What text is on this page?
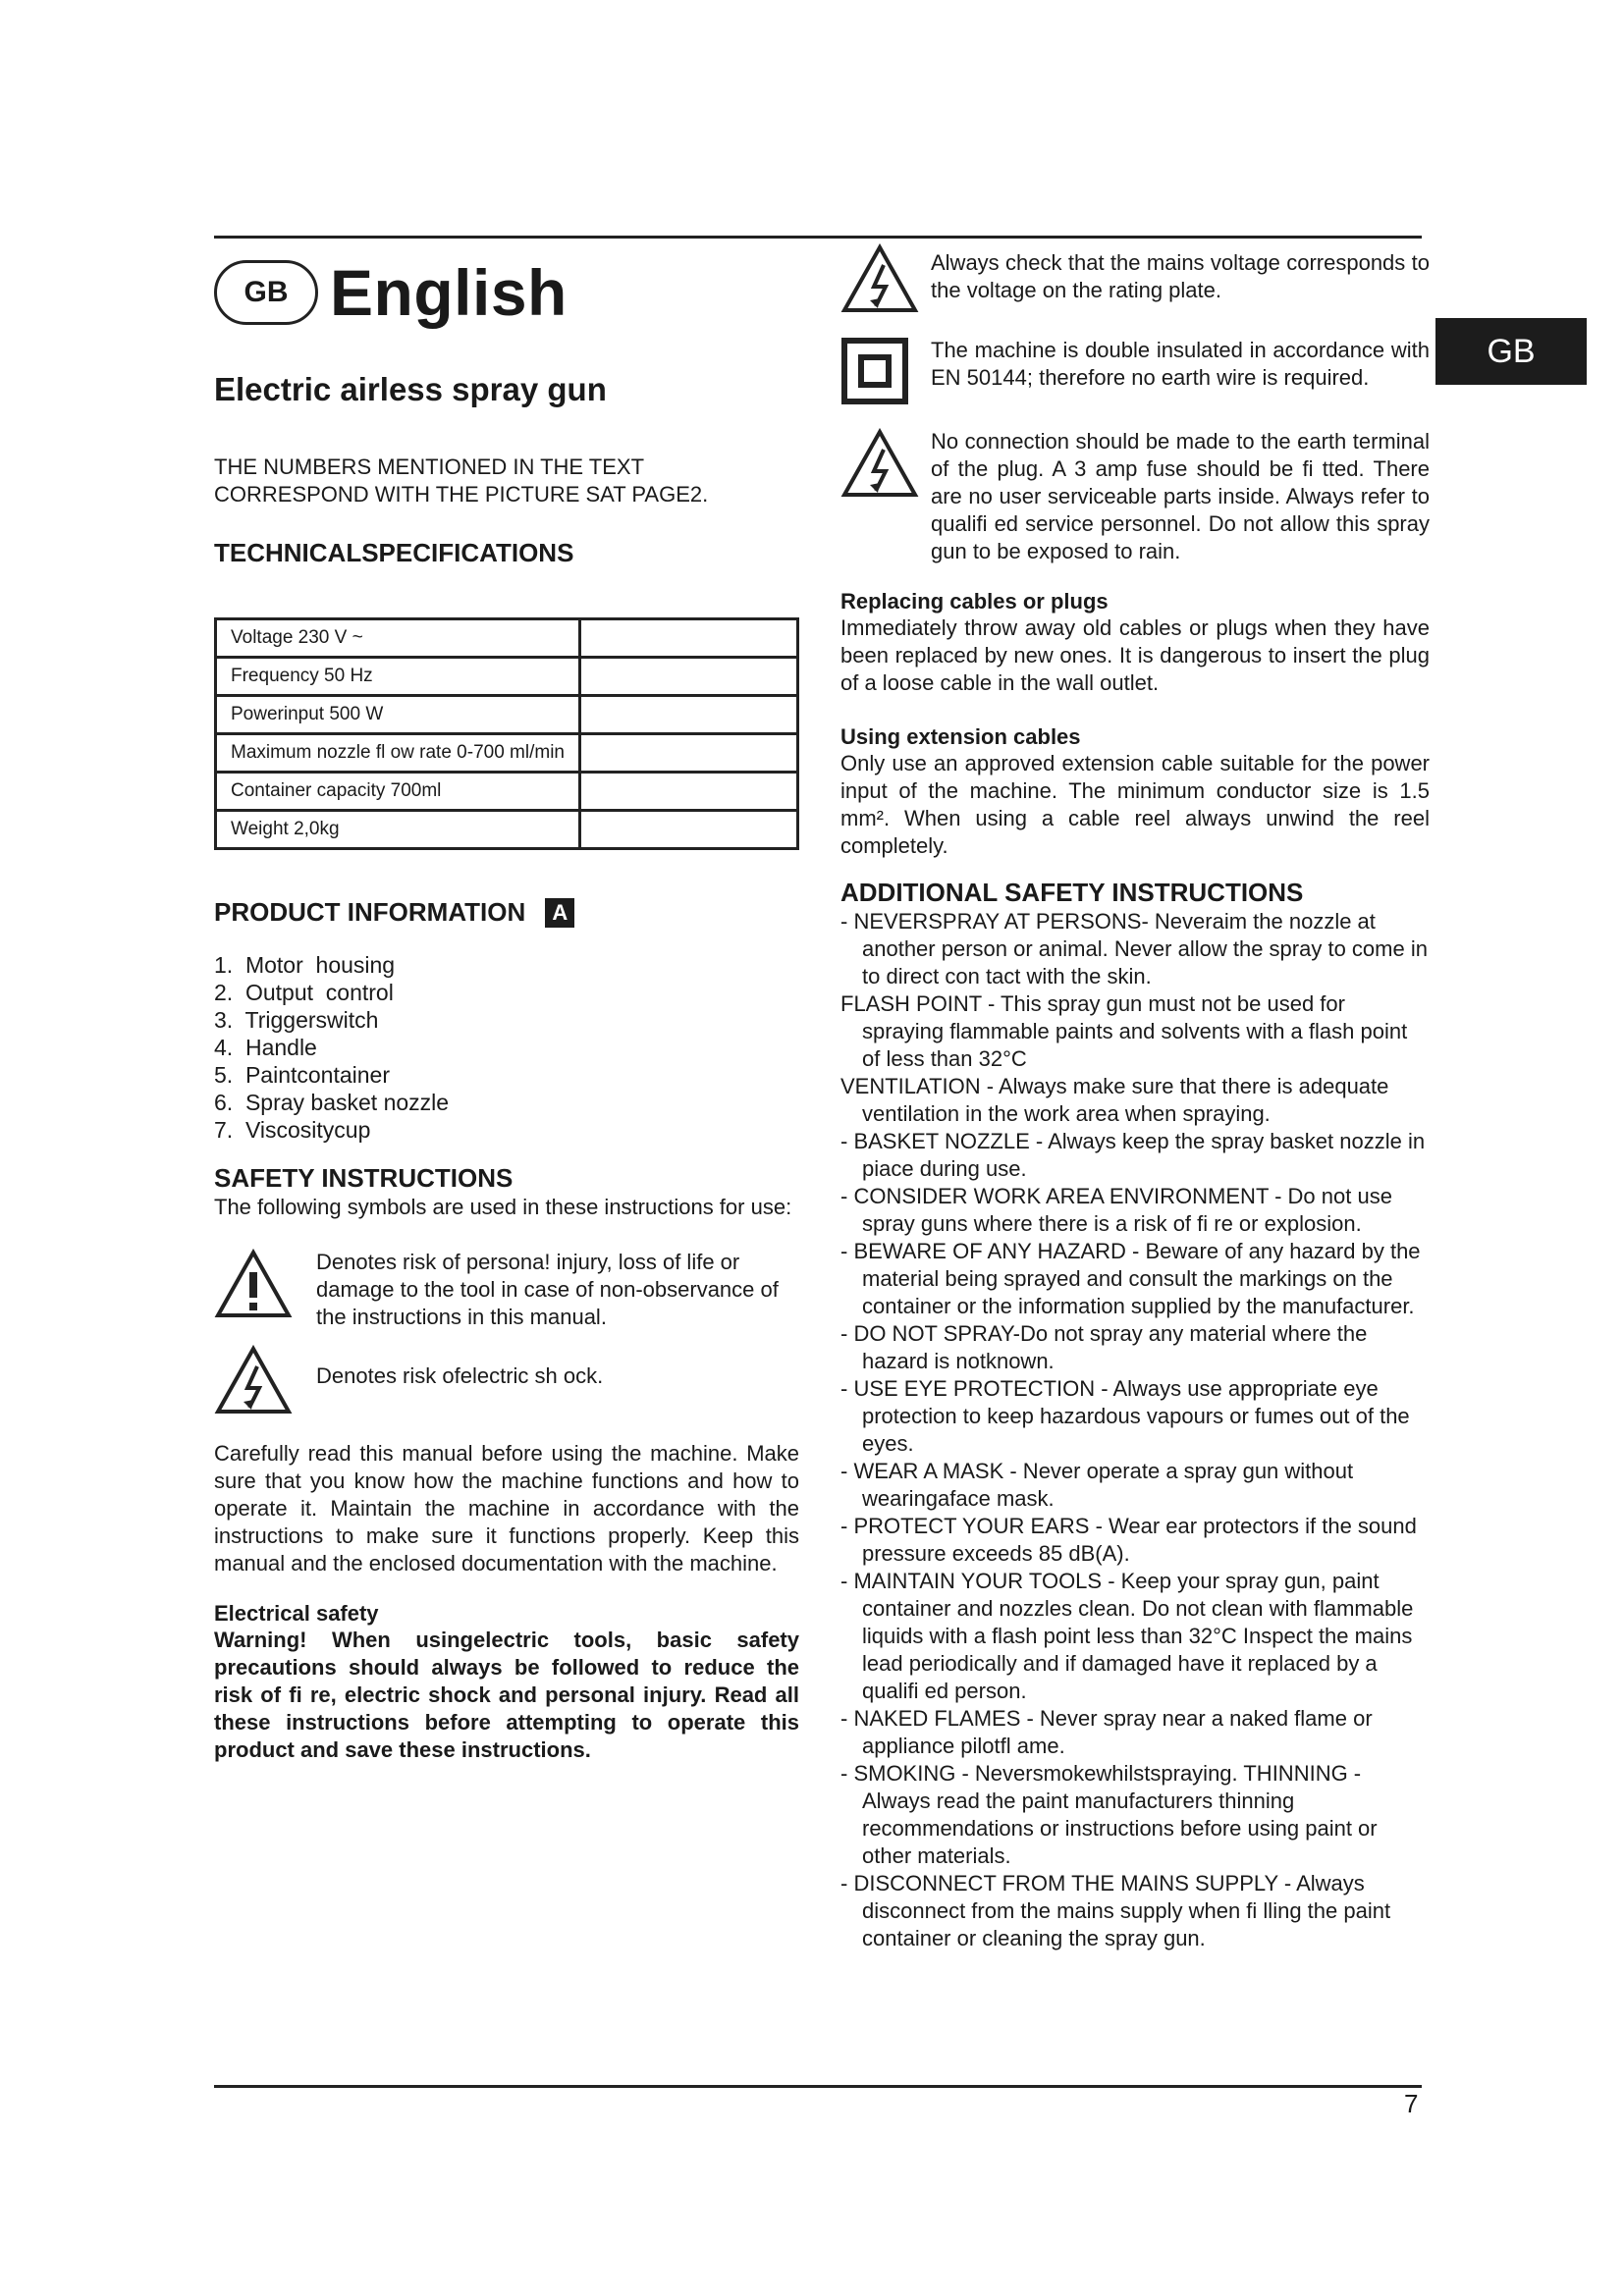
GB
GB English
Electric airless spray gun
THE NUMBERS MENTIONED IN THE TEXT CORRESPOND WITH THE PICTURE SAT PAGE2.
TECHNICALSPECIFICATIONS
Voltage 230 V ~	
Frequency 50 Hz	
Powerinput 500 W	
Maximum nozzle fl ow rate 0-700 ml/min	
Container capacity 700ml	
Weight 2,0kg	
PRODUCT INFORMATION	A
1.  Motor  housing
2.  Output  control
3.  Triggerswitch
4.  Handle
5.  Paintcontainer
6.  Spray basket nozzle
7.  Viscositycup
SAFETY INSTRUCTIONS
The following symbols are used in these instructions for use:
Denotes risk of persona! injury, loss of life or damage to the tool in case of non-observance of the instructions in this manual.
Denotes risk ofelectric sh ock.
Carefully read this manual before using the machine. Make sure that you know how the machine functions and how to operate it. Maintain the machine in accordance with the instructions to make sure it functions properly. Keep this manual and the enclosed documentation with the machine.
Electrical safety
Warning! When usingelectric tools, basic safety precautions should always be followed to reduce the risk of fi re, electric shock and personal injury. Read all these instructions before attempting to operate this product and save these instructions.
Always check that the mains voltage corresponds to the voltage on the rating plate.
The machine is double insulated in accordance with EN 50144; therefore no earth wire is required.
No connection should be made to the earth terminal of the plug. A 3 amp fuse should be fi tted. There are no user serviceable parts inside. Always refer to qualifi ed service personnel. Do not allow this spray gun to be exposed to rain.
Replacing cables or plugs
Immediately throw away old cables or plugs when they have been replaced by new ones. It is dangerous to insert the plug of a loose cable in the wall outlet.
Using extension cables
Only use an approved extension cable suitable for the power input of the machine. The minimum conductor size is 1.5 mm². When using a cable reel always unwind the reel completely.
ADDITIONAL SAFETY INSTRUCTIONS
- NEVERSPRAY AT PERSONS- Neveraim the nozzle at another person or animal. Never allow the spray to come in to direct con tact with the skin.
FLASH POINT - This spray gun must not be used for spraying flammable paints and solvents with a flash point of less than 32°C
VENTILATION - Always make sure that there is adequate ventilation in the work area when spraying.
- BASKET NOZZLE - Always keep the spray basket nozzle in piace during use.
- CONSIDER WORK AREA ENVIRONMENT - Do not use spray guns where there is a risk of fi re or explosion.
- BEWARE OF ANY HAZARD - Beware of any hazard by the material being sprayed and consult the markings on the container or the information supplied by the manufacturer.
- DO NOT SPRAY-Do not spray any material where the hazard is notknown.
- USE EYE PROTECTION - Always use appropriate eye protection to keep hazardous vapours or fumes out of the eyes.
- WEAR A MASK - Never operate a spray gun without wearingaface mask.
- PROTECT YOUR EARS - Wear ear protectors if the sound pressure exceeds 85 dB(A).
- MAINTAIN YOUR TOOLS - Keep your spray gun, paint container and nozzles clean. Do not clean with flammable liquids with a flash point less than 32°C Inspect the mains lead periodically and if damaged have it replaced by a qualifi ed person.
- NAKED FLAMES - Never spray near a naked flame or appliance pilotfl ame.
- SMOKING - Neversmokewhilstspraying. THINNING - Always read the paint manufacturers thinning recommendations or instructions before using paint or other materials.
- DISCONNECT FROM THE MAINS SUPPLY - Always disconnect from the mains supply when fi lling the paint container or cleaning the spray gun.
7
